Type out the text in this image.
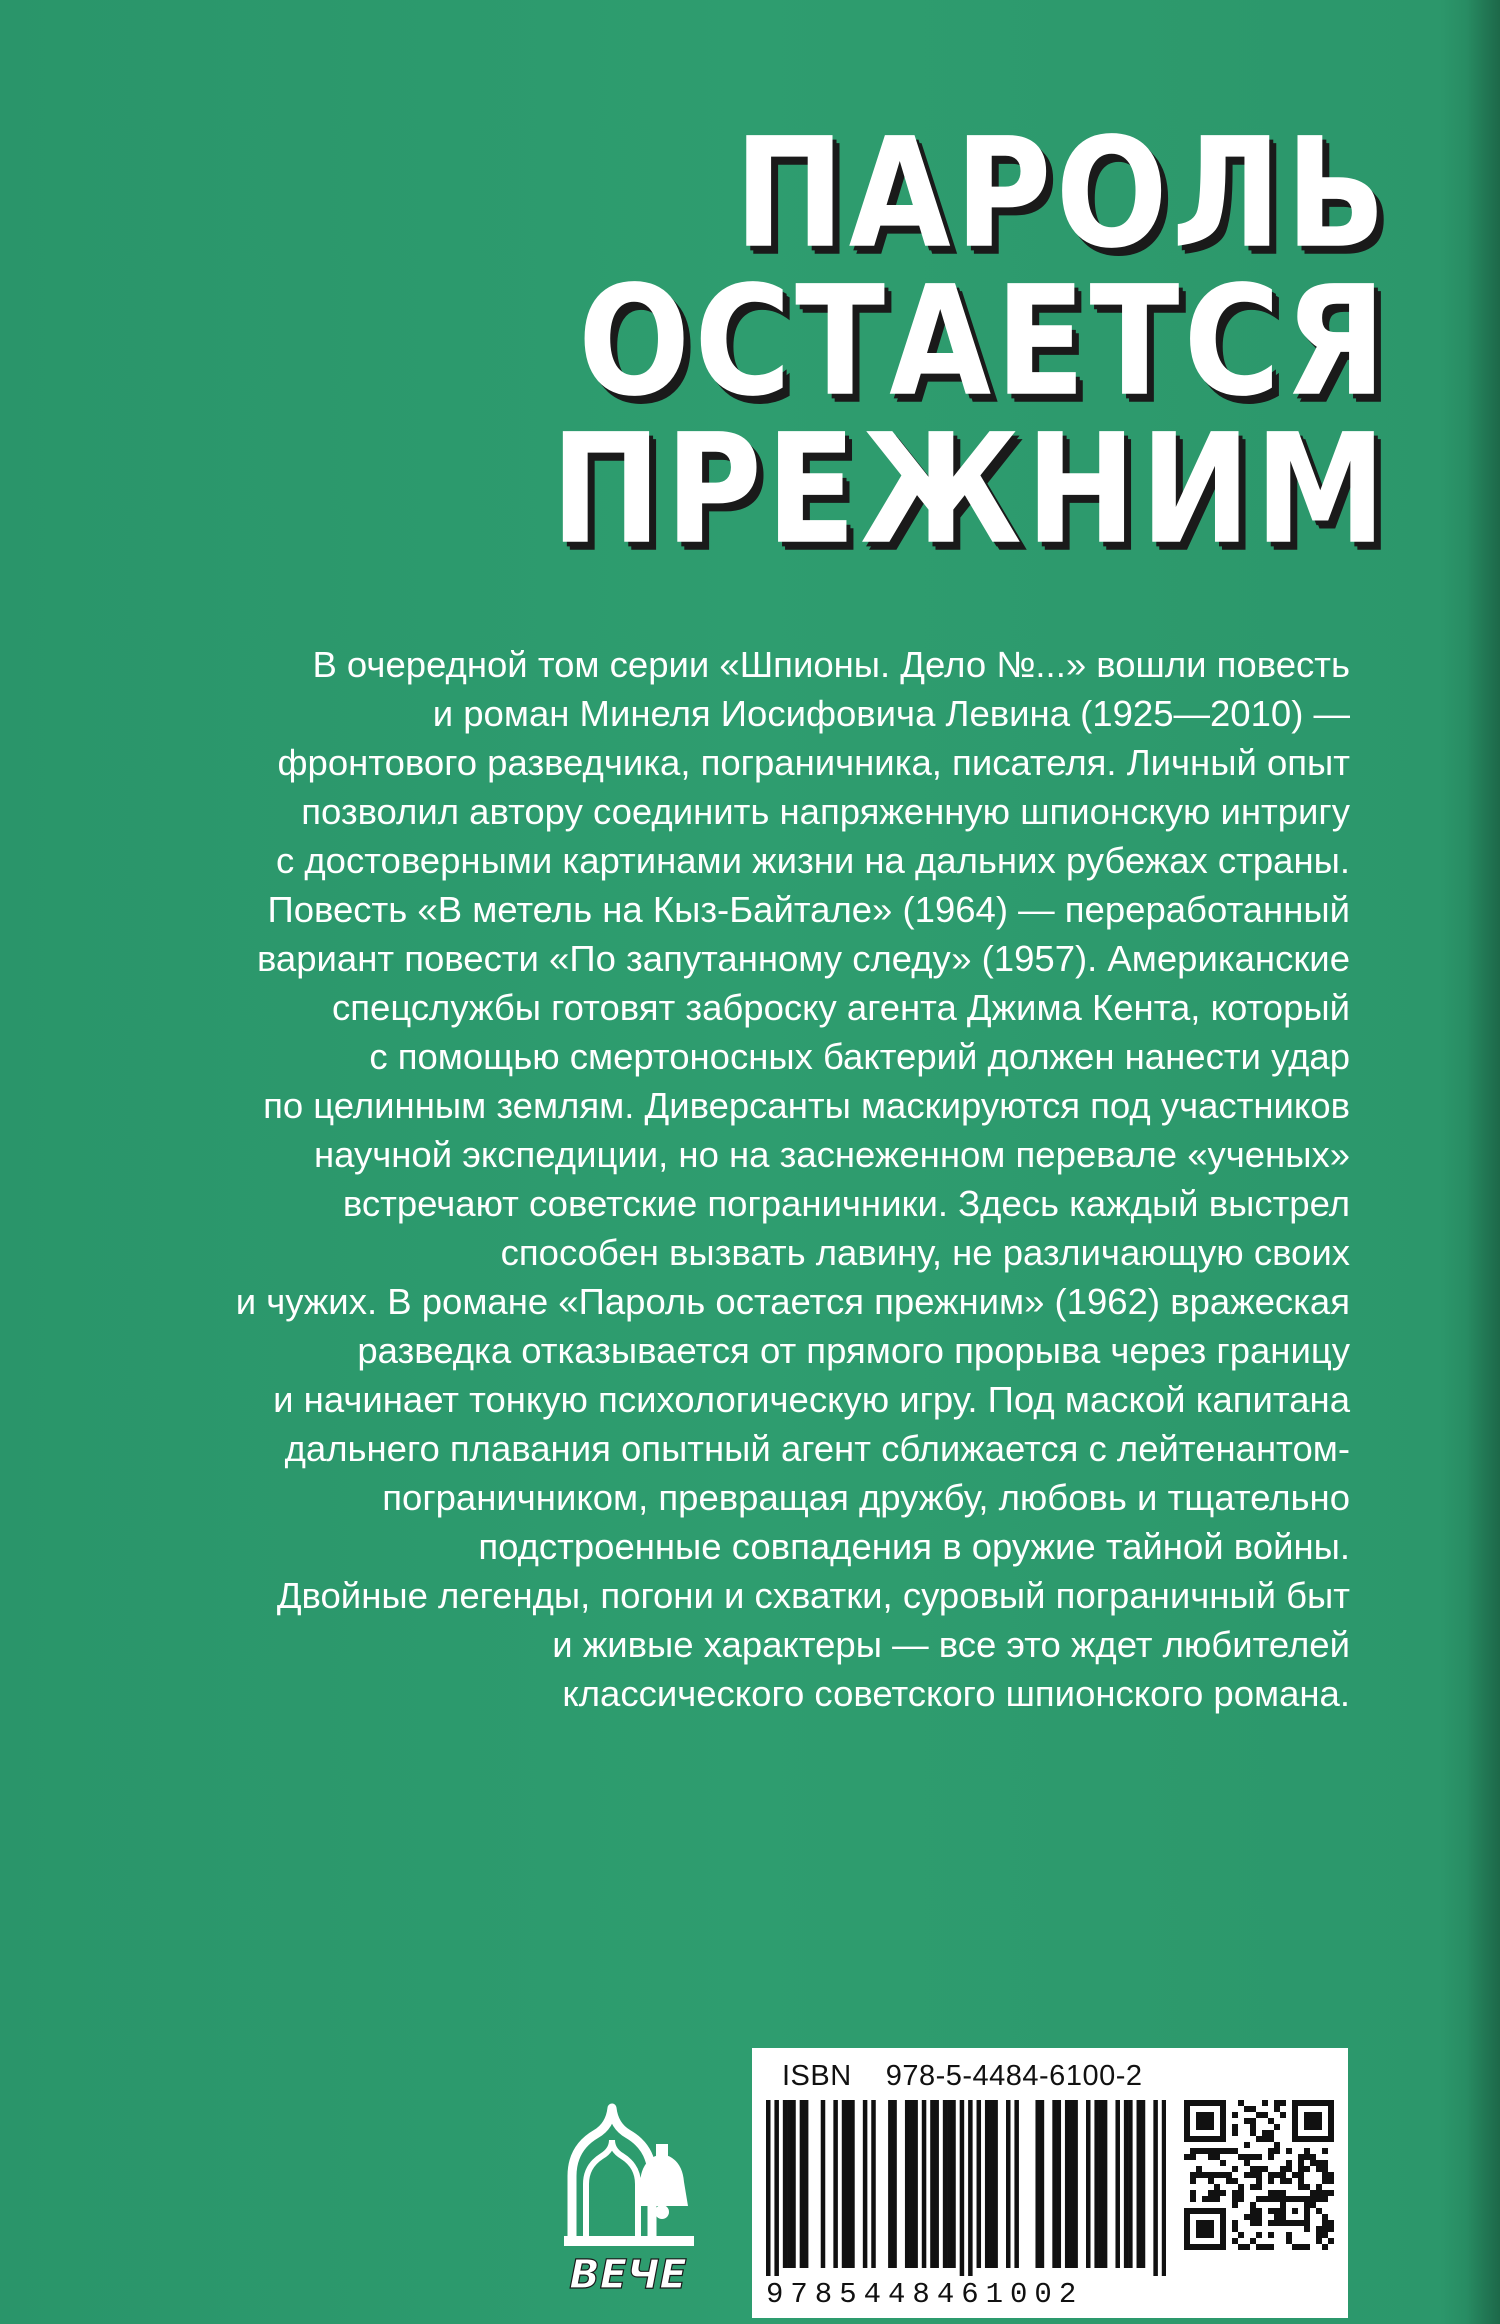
ПАРОЛЬ
ОСТАЕТСЯ
ПРЕЖНИМ
В очередной том серии «Шпионы. Дело №...» вошли повесть
и роман Минеля Иосифовича Левина (1925—2010) —
фронтового разведчика, пограничника, писателя. Личный опыт
позволил автору соединить напряженную шпионскую интригу
с достоверными картинами жизни на дальних рубежах страны.
Повесть «В метель на Кыз-Байтале» (1964) — переработанный
вариант повести «По запутанному следу» (1957). Американские
спецслужбы готовят заброску агента Джима Кента, который
с помощью смертоносных бактерий должен нанести удар
по целинным землям. Диверсанты маскируются под участников
научной экспедиции, но на заснеженном перевале «ученых»
встречают советские пограничники. Здесь каждый выстрел
способен вызвать лавину, не различающую своих
и чужих. В романе «Пароль остается прежним» (1962) вражеская
разведка отказывается от прямого прорыва через границу
и начинает тонкую психологическую игру. Под маской капитана
дальнего плавания опытный агент сближается с лейтенантом-
пограничником, превращая дружбу, любовь и тщательно
подстроенные совпадения в оружие тайной войны.
Двойные легенды, погони и схватки, суровый пограничный быт
и живые характеры — все это ждет любителей
классического советского шпионского романа.
ВЕЧЕ
ISBN 978-5-4484-6100-2
9785448461002
